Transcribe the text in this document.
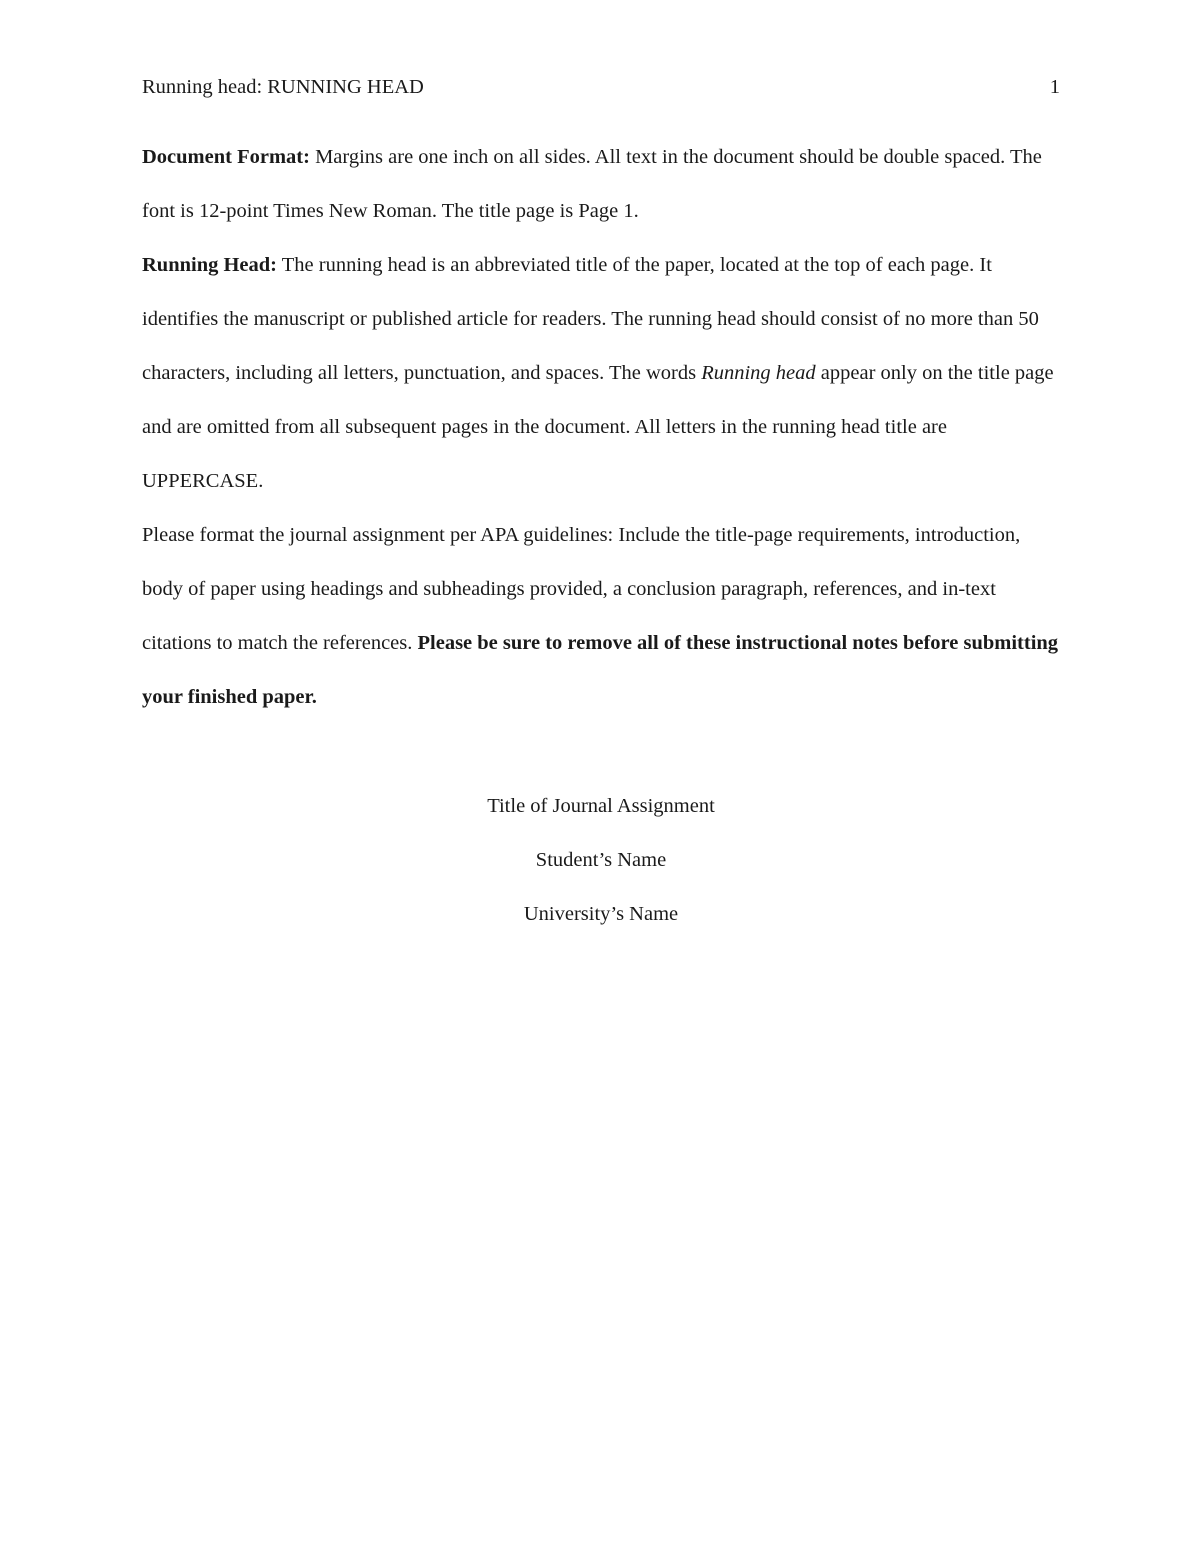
Running head: RUNNING HEAD	1

Document Format: Margins are one inch on all sides. All text in the document should be double spaced. The font is 12-point Times New Roman. The title page is Page 1.

Running Head: The running head is an abbreviated title of the paper, located at the top of each page. It identifies the manuscript or published article for readers. The running head should consist of no more than 50 characters, including all letters, punctuation, and spaces. The words Running head appear only on the title page and are omitted from all subsequent pages in the document. All letters in the running head title are UPPERCASE.

Please format the journal assignment per APA guidelines: Include the title-page requirements, introduction, body of paper using headings and subheadings provided, a conclusion paragraph, references, and in-text citations to match the references. Please be sure to remove all of these instructional notes before submitting your finished paper.

Title of Journal Assignment

Student’s Name

University’s Name
